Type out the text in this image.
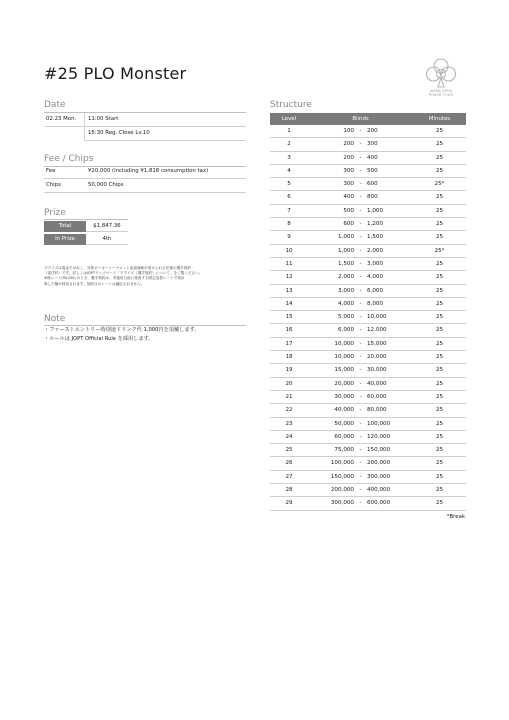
#25 PLO Monster
JAPAN OPEN
POKER TOUR
Date
02.23 Mon. 11:00 Start
15:30 Reg. Close Lv.10
Fee / Chips
Fee	¥20,000 (including ¥1,818 consumption tax)
Chips	50,000 Chips
Prize
Total	$1,847.36
In Prize	4th
プライズは賞金ではなく、対象ポーカートーナメント参加補助が受けられる任意の選手契約
（委任料）です。詳しくはJOPTウェブページ「プライズ（選手契約）について」をご覧ください。
※係レート(50.00)\ のとき、選手契約は、実施旧日前に発表する固定為替レートで再計
算した額が採用されます。契約日のレートは適応されません。
Note
・ファーストエントリー時別途ドリンク代 1,000円を頂戴します。
・ルールは JOPT Official Rule を採用します。
Structure
Level	Blinds	Minutes
1	100 - 200	25
2	200 - 300	25
3	200 - 400	25
4	300 - 500	25
5	300 - 600	25*
6	400 - 800	25
7	500 - 1,000	25
8	600 - 1,200	25
9	1,000 - 1,500	25
10	1,000 - 2,000	25*
11	1,500 - 3,000	25
12	2,000 - 4,000	25
13	3,000 - 6,000	25
14	4,000 - 8,000	25
15	5,000 - 10,000	25
16	6,000 - 12,000	25
17	10,000 - 15,000	25
18	10,000 - 20,000	25
19	15,000 - 30,000	25
20	20,000 - 40,000	25
21	30,000 - 60,000	25
22	40,000 - 80,000	25
23	50,000 - 100,000	25
24	60,000 - 120,000	25
25	75,000 - 150,000	25
26	100,000 - 200,000	25
27	150,000 - 300,000	25
28	200,000 - 400,000	25
29	300,000 - 600,000	25
*Break
